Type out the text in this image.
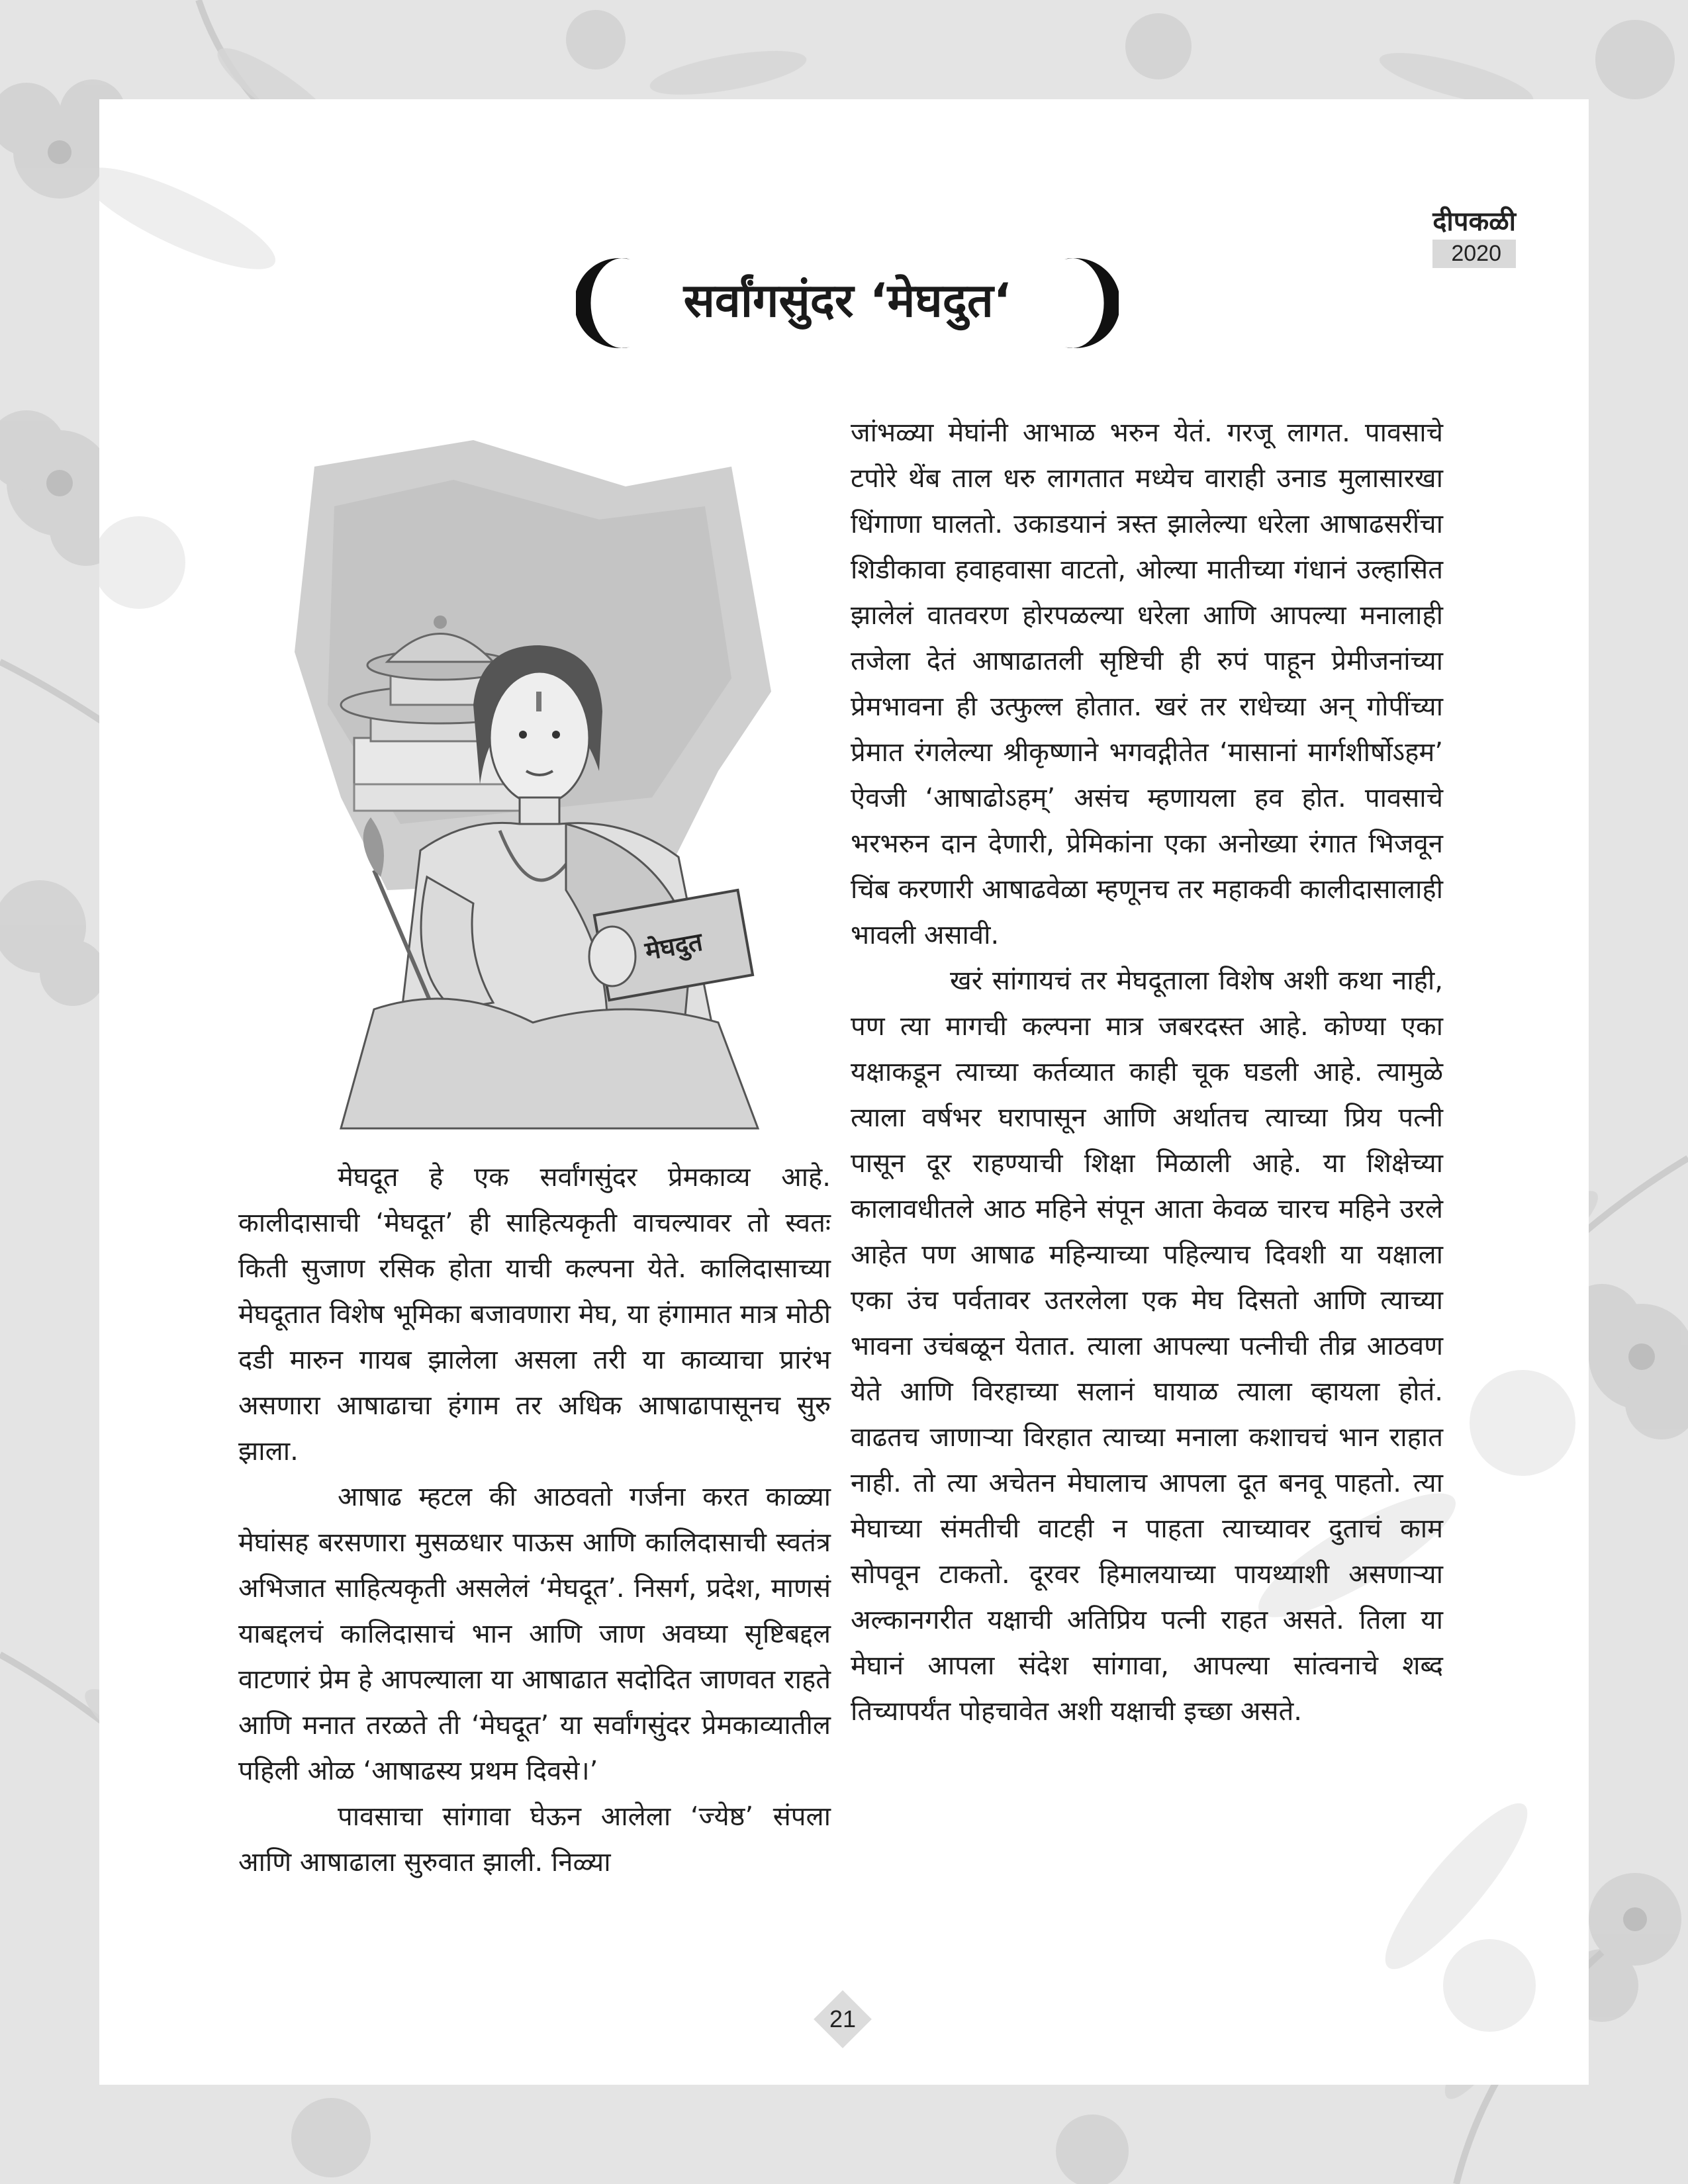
दीपकळी
2020
सर्वांगसुंदर ‘मेघदुत‘
मेघदुत

मेघदूत हे एक सर्वांगसुंदर प्रेमकाव्य आहे. कालीदासाची ‘मेघदूत’ ही साहित्यकृती वाचल्यावर तो स्वतः किती सुजाण रसिक होता याची कल्पना येते. कालिदासाच्या मेघदूतात विशेष भूमिका बजावणारा मेघ, या हंगामात मात्र मोठी दडी मारुन गायब झालेला असला तरी या काव्याचा प्रारंभ असणारा आषाढाचा हंगाम तर अधिक आषाढापासूनच सुरु झाला.

आषाढ म्हटल की आठवतो गर्जना करत काळ्या मेघांसह बरसणारा मुसळधार पाऊस आणि कालिदासाची स्वतंत्र अभिजात साहित्यकृती असलेलं ‘मेघदूत’. निसर्ग, प्रदेश, माणसं याबद्दलचं कालिदासाचं भान आणि जाण अवघ्या सृष्टिबद्दल वाटणारं प्रेम हे आपल्याला या आषाढात सदोदित जाणवत राहते आणि मनात तरळते ती ‘मेघदूत’ या सर्वांगसुंदर प्रेमकाव्यातील पहिली ओळ ‘आषाढस्य प्रथम दिवसे।’

पावसाचा सांगावा घेऊन आलेला ‘ज्येष्ठ’ संपला आणि आषाढाला सुरुवात झाली. निळ्या

जांभळ्या मेघांनी आभाळ भरुन येतं. गरजू लागत. पावसाचे टपोरे थेंब ताल धरु लागतात मध्येच वाराही उनाड मुलासारखा धिंगाणा घालतो. उकाडयानं त्रस्त झालेल्या धरेला आषाढसरींचा शिडीकावा हवाहवासा वाटतो, ओल्या मातीच्या गंधानं उल्हासित झालेलं वातवरण होरपळल्या धरेला आणि आपल्या मनालाही तजेला देतं आषाढातली सृष्टिची ही रुपं पाहून प्रेमीजनांच्या प्रेमभावना ही उत्फुल्ल होतात. खरं तर राधेच्या अन् गोपींच्या प्रेमात रंगलेल्या श्रीकृष्णाने भगवद्गीतेत ‘मासानां मार्गशीर्षोऽहम’ ऐवजी ‘आषाढोऽहम्’ असंच म्हणायला हव होत. पावसाचे भरभरुन दान देणारी, प्रेमिकांना एका अनोख्या रंगात भिजवून चिंब करणारी आषाढवेळा म्हणूनच तर महाकवी कालीदासालाही भावली असावी.

खरं सांगायचं तर मेघदूताला विशेष अशी कथा नाही, पण त्या मागची कल्पना मात्र जबरदस्त आहे. कोण्या एका यक्षाकडून त्याच्या कर्तव्यात काही चूक घडली आहे. त्यामुळे त्याला वर्षभर घरापासून आणि अर्थातच त्याच्या प्रिय पत्नी पासून दूर राहण्याची शिक्षा मिळाली आहे. या शिक्षेच्या कालावधीतले आठ महिने संपून आता केवळ चारच महिने उरले आहेत पण आषाढ महिन्याच्या पहिल्याच दिवशी या यक्षाला एका उंच पर्वतावर उतरलेला एक मेघ दिसतो आणि त्याच्या भावना उचंबळून येतात. त्याला आपल्या पत्नीची तीव्र आठवण येते आणि विरहाच्या सलानं घायाळ त्याला व्हायला होतं. वाढतच जाणाऱ्या विरहात त्याच्या मनाला कशाचचं भान राहात नाही. तो त्या अचेतन मेघालाच आपला दूत बनवू पाहतो. त्या मेघाच्या संमतीची वाटही न पाहता त्याच्यावर दुताचं काम सोपवून टाकतो. दूरवर हिमालयाच्या पायथ्याशी असणाऱ्या अल्कानगरीत यक्षाची अतिप्रिय पत्नी राहत असते. तिला या मेघानं आपला संदेश सांगावा, आपल्या सांत्वनाचे शब्द तिच्यापर्यंत पोहचावेत अशी यक्षाची इच्छा असते.

21
